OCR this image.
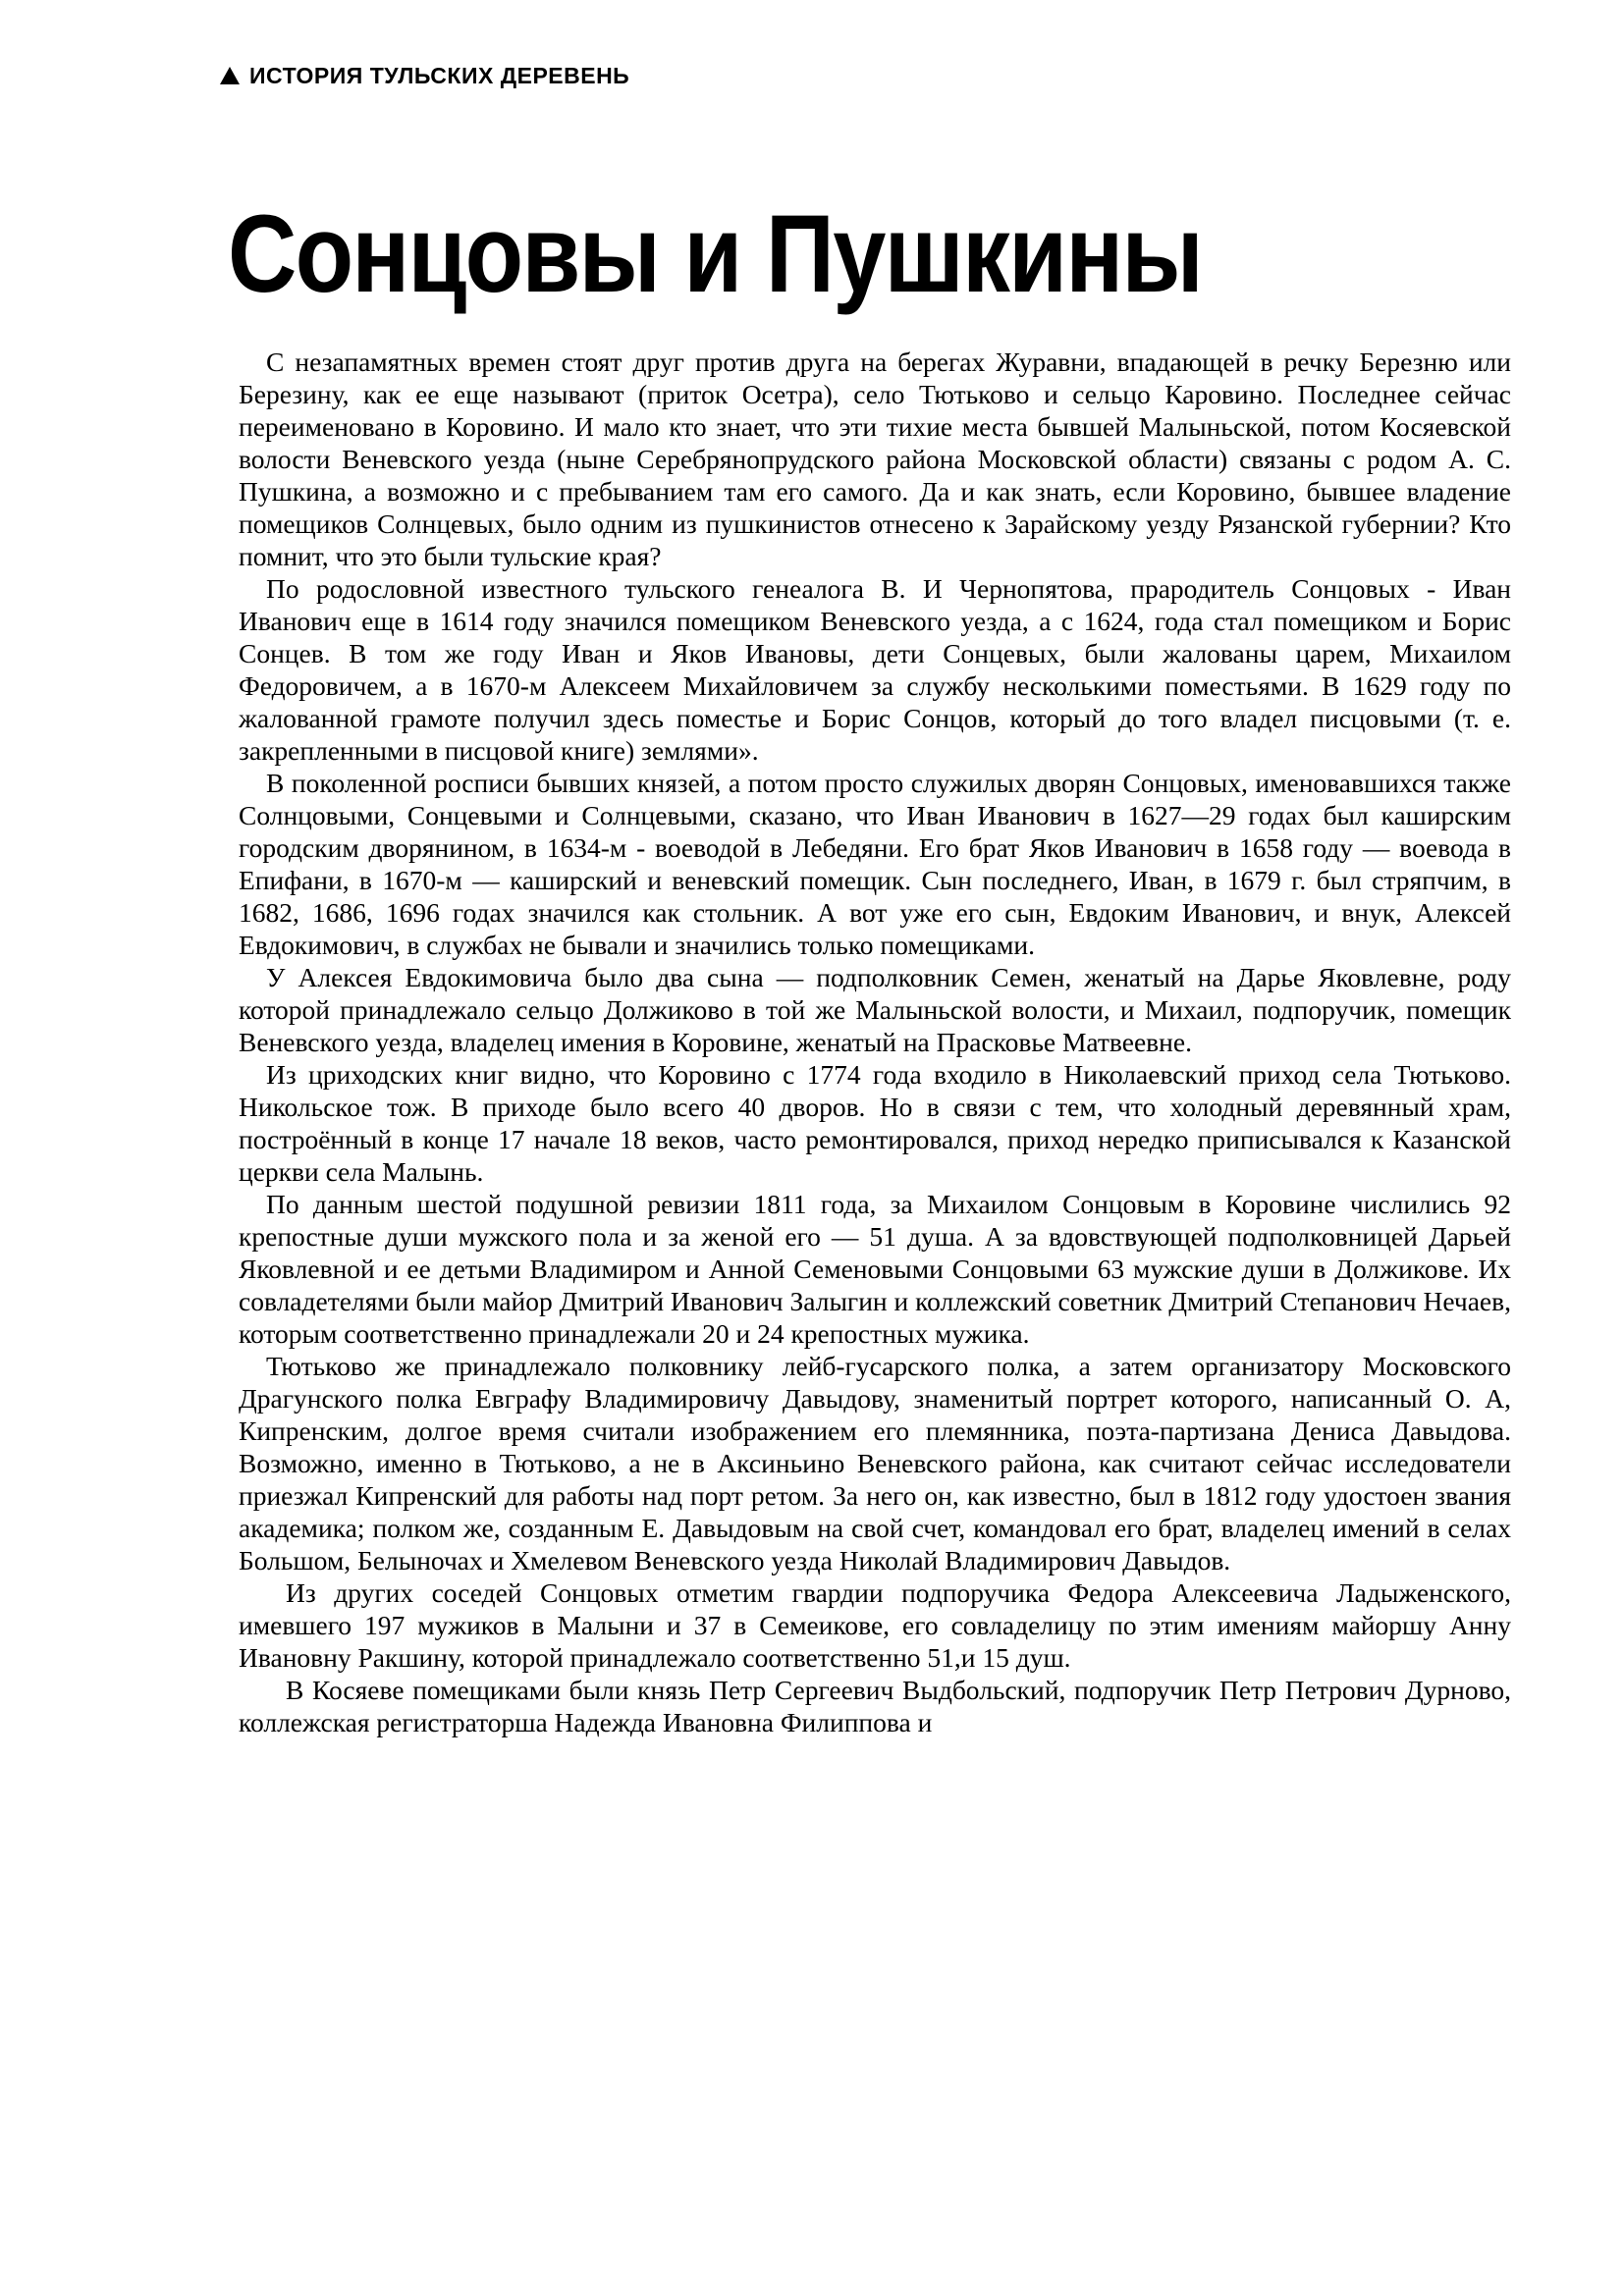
ИСТОРИЯ ТУЛЬСКИХ ДЕРЕВЕНЬ
Сонцовы и Пушкины

С незапамятных времен стоят друг против друга на берегах Журавни, впадающей в речку Березню или Березину, как ее еще называют (приток Осетра), село Тютьково и сельцо Каровино. Последнее сейчас переименовано в Коровино. И мало кто знает, что эти тихие места бывшей Малыньской, потом Косяевской волости Веневского уезда (ныне Серебрянопрудского района Московской области) связаны с родом А. С. Пушкина, а возможно и с пребыванием там его самого. Да и как знать, если Коровино, бывшее владение помещиков Солнцевых, было одним из пушкинистов отнесено к Зарайскому уезду Рязанской губернии? Кто помнит, что это были тульские края?

По родословной известного тульского генеалога В. И Чернопятова, прародитель Сонцовых - Иван Иванович еще в 1614 году значился помещиком Веневского уезда, а с 1624, года стал помещиком и Борис Сонцев. В том же году Иван и Яков Ивановы, дети Сонцевых, были жалованы царем, Михаилом Федоровичем, а в 1670-м Алексеем Михайловичем за службу несколькими поместьями. В 1629 году по жалованной грамоте получил здесь поместье и Борис Сонцов, который до того владел писцовыми (т. е. закрепленными в писцовой книге) землями».

В поколенной росписи бывших князей, а потом просто служилых дворян Сонцовых, именовавшихся также Солнцовыми, Сонцевыми и Солнцевыми, сказано, что Иван Иванович в 1627—29 годах был каширским городским дворянином, в 1634-м - воеводой в Лебедяни. Его брат Яков Иванович в 1658 году — воевода в Епифани, в 1670-м — каширский и веневский помещик. Сын последнего, Иван, в 1679 г. был стряпчим, в 1682, 1686, 1696 годах значился как стольник. А вот уже его сын, Евдоким Иванович, и внук, Алексей Евдокимович, в службах не бывали и значились только помещиками.

У Алексея Евдокимовича было два сына — подполковник Семен, женатый на Дарье Яковлевне, роду которой принадлежало сельцо Должиково в той же Малыньской волости, и Михаил, подпоручик, помещик Веневского уезда, владелец имения в Коровине, женатый на Прасковье Матвеевне.

Из цриходских книг видно, что Коровино с 1774 года входило в Николаевский приход села Тютьково. Никольское тож. В приходе было всего 40 дворов. Но в связи с тем, что холодный деревянный храм, построённый в конце 17 начале 18 веков, часто ремонтировался, приход нередко приписывался к Казанской церкви села Малынь.

По данным шестой подушной ревизии 1811 года, за Михаилом Сонцовым в Коровине числились 92 крепостные души мужского пола и за женой его — 51 душа. А за вдовствующей подполковницей Дарьей Яковлевной и ее детьми Владимиром и Анной Семеновыми Сонцовыми 63 мужские души в Должикове. Их совладетелями были майор Дмитрий Иванович Залыгин и коллежский советник Дмитрий Степанович Нечаев, которым соответственно принадлежали 20 и 24 крепостных мужика.

Тютьково же принадлежало полковнику лейб-гусарского полка, а затем организатору Московского Драгунского полка Евграфу Владимировичу Давыдову, знаменитый портрет которого, написанный О. А, Кипренским, долгое время считали изображением его племянника, поэта-партизана Дениса Давыдова. Возможно, именно в Тютьково, а не в Аксиньино Веневского района, как считают сейчас исследователи приезжал Кипренский для работы над порт ретом. За него он, как известно, был в 1812 году удостоен звания академика; полком же, созданным Е. Давыдовым на свой счет, командовал его брат, владелец имений в селах Большом, Белыночах и Хмелевом Веневского уезда Николай Владимирович Давыдов.

Из других соседей Сонцовых отметим гвардии подпоручика Федора Алексеевича Ладыженского, имевшего 197 мужиков в Малыни и 37 в Семеикове, его совладелицу по этим имениям майоршу Анну Ивановну Ракшину, которой принадлежало соответственно 51,и 15 душ.

В Косяеве помещиками были князь Петр Сергеевич Выдбольский, подпоручик Петр Петрович Дурново, коллежская регистраторша Надежда Ивановна Филиппова и
